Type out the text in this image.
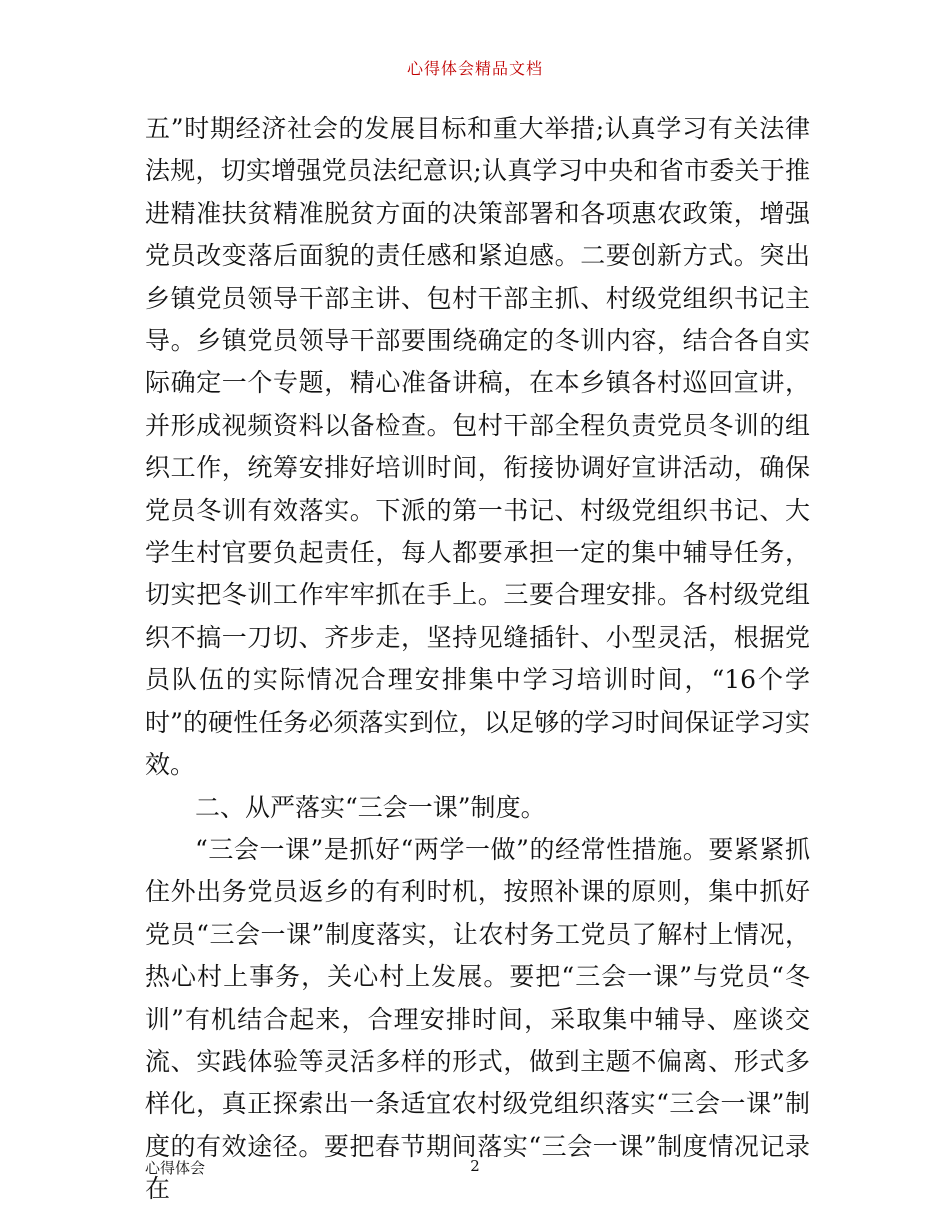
心得体会精品文档

五”时期经济社会的发展目标和重大举措;认真学习有关法律法规，切实增强党员法纪意识;认真学习中央和省市委关于推进精准扶贫精准脱贫方面的决策部署和各项惠农政策，增强党员改变落后面貌的责任感和紧迫感。二要创新方式。突出乡镇党员领导干部主讲、包村干部主抓、村级党组织书记主导。乡镇党员领导干部要围绕确定的冬训内容，结合各自实际确定一个专题，精心准备讲稿，在本乡镇各村巡回宣讲，并形成视频资料以备检查。包村干部全程负责党员冬训的组织工作，统筹安排好培训时间，衔接协调好宣讲活动，确保党员冬训有效落实。下派的第一书记、村级党组织书记、大学生村官要负起责任，每人都要承担一定的集中辅导任务，切实把冬训工作牢牢抓在手上。三要合理安排。各村级党组织不搞一刀切、齐步走，坚持见缝插针、小型灵活，根据党员队伍的实际情况合理安排集中学习培训时间，“16个学时”的硬性任务必须落实到位，以足够的学习时间保证学习实效。

二、从严落实“三会一课”制度。

“三会一课”是抓好“两学一做”的经常性措施。要紧紧抓住外出务党员返乡的有利时机，按照补课的原则，集中抓好党员“三会一课”制度落实，让农村务工党员了解村上情况，热心村上事务，关心村上发展。要把“三会一课”与党员“冬训”有机结合起来，合理安排时间，采取集中辅导、座谈交流、实践体验等灵活多样的形式，做到主题不偏离、形式多样化，真正探索出一条适宜农村级党组织落实“三会一课”制度的有效途径。要把春节期间落实“三会一课”制度情况记录在

心得体会	2
